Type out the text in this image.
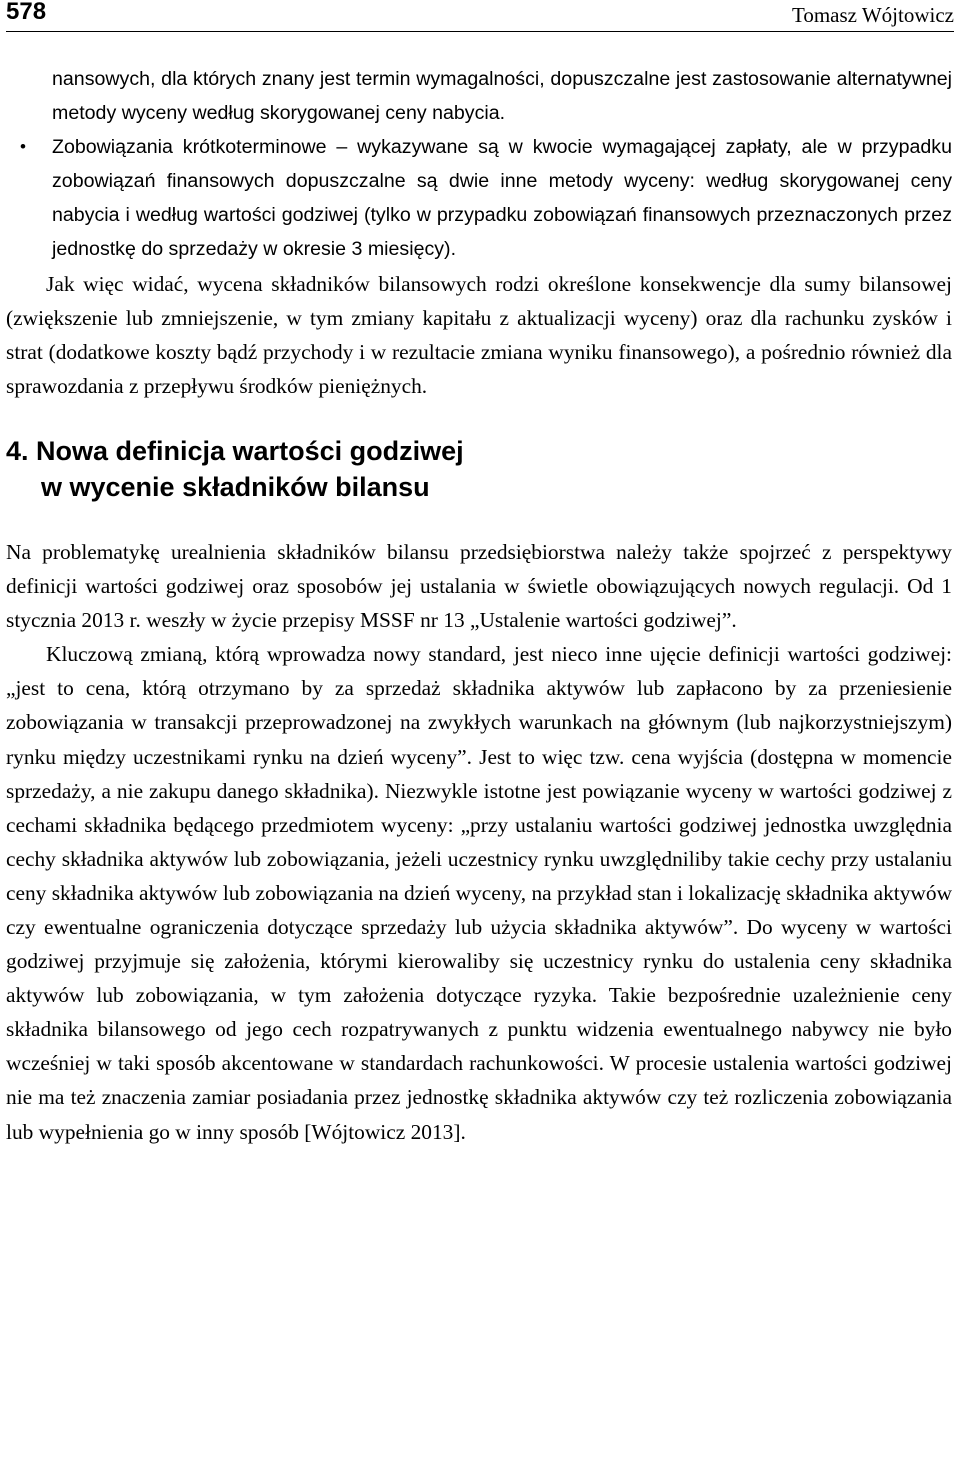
578	Tomasz Wójtowicz

nansowych, dla których znany jest termin wymagalności, dopuszczalne jest zastosowanie alternatywnej metody wyceny według skorygowanej ceny nabycia.

• Zobowiązania krótkoterminowe – wykazywane są w kwocie wymagającej zapłaty, ale w przypadku zobowiązań finansowych dopuszczalne są dwie inne metody wyceny: według skorygowanej ceny nabycia i według wartości godziwej (tylko w przypadku zobowiązań finansowych przeznaczonych przez jednostkę do sprzedaży w okresie 3 miesięcy).

Jak więc widać, wycena składników bilansowych rodzi określone konsekwencje dla sumy bilansowej (zwiększenie lub zmniejszenie, w tym zmiany kapitału z aktualizacji wyceny) oraz dla rachunku zysków i strat (dodatkowe koszty bądź przychody i w rezultacie zmiana wyniku finansowego), a pośrednio również dla sprawozdania z przepływu środków pieniężnych.

4. Nowa definicja wartości godziwej
w wycenie składników bilansu

Na problematykę urealnienia składników bilansu przedsiębiorstwa należy także spojrzeć z perspektywy definicji wartości godziwej oraz sposobów jej ustalania w świetle obowiązujących nowych regulacji. Od 1 stycznia 2013 r. weszły w życie przepisy MSSF nr 13 „Ustalenie wartości godziwej”.

Kluczową zmianą, którą wprowadza nowy standard, jest nieco inne ujęcie definicji wartości godziwej: „jest to cena, którą otrzymano by za sprzedaż składnika aktywów lub zapłacono by za przeniesienie zobowiązania w transakcji przeprowadzonej na zwykłych warunkach na głównym (lub najkorzystniejszym) rynku między uczestnikami rynku na dzień wyceny”. Jest to więc tzw. cena wyjścia (dostępna w momencie sprzedaży, a nie zakupu danego składnika). Niezwykle istotne jest powiązanie wyceny w wartości godziwej z cechami składnika będącego przedmiotem wyceny: „przy ustalaniu wartości godziwej jednostka uwzględnia cechy składnika aktywów lub zobowiązania, jeżeli uczestnicy rynku uwzględniliby takie cechy przy ustalaniu ceny składnika aktywów lub zobowiązania na dzień wyceny, na przykład stan i lokalizację składnika aktywów czy ewentualne ograniczenia dotyczące sprzedaży lub użycia składnika aktywów”. Do wyceny w wartości godziwej przyjmuje się założenia, którymi kierowaliby się uczestnicy rynku do ustalenia ceny składnika aktywów lub zobowiązania, w tym założenia dotyczące ryzyka. Takie bezpośrednie uzależnienie ceny składnika bilansowego od jego cech rozpatrywanych z punktu widzenia ewentualnego nabywcy nie było wcześniej w taki sposób akcentowane w standardach rachunkowości. W procesie ustalenia wartości godziwej nie ma też znaczenia zamiar posiadania przez jednostkę składnika aktywów czy też rozliczenia zobowiązania lub wypełnienia go w inny sposób [Wójtowicz 2013].
